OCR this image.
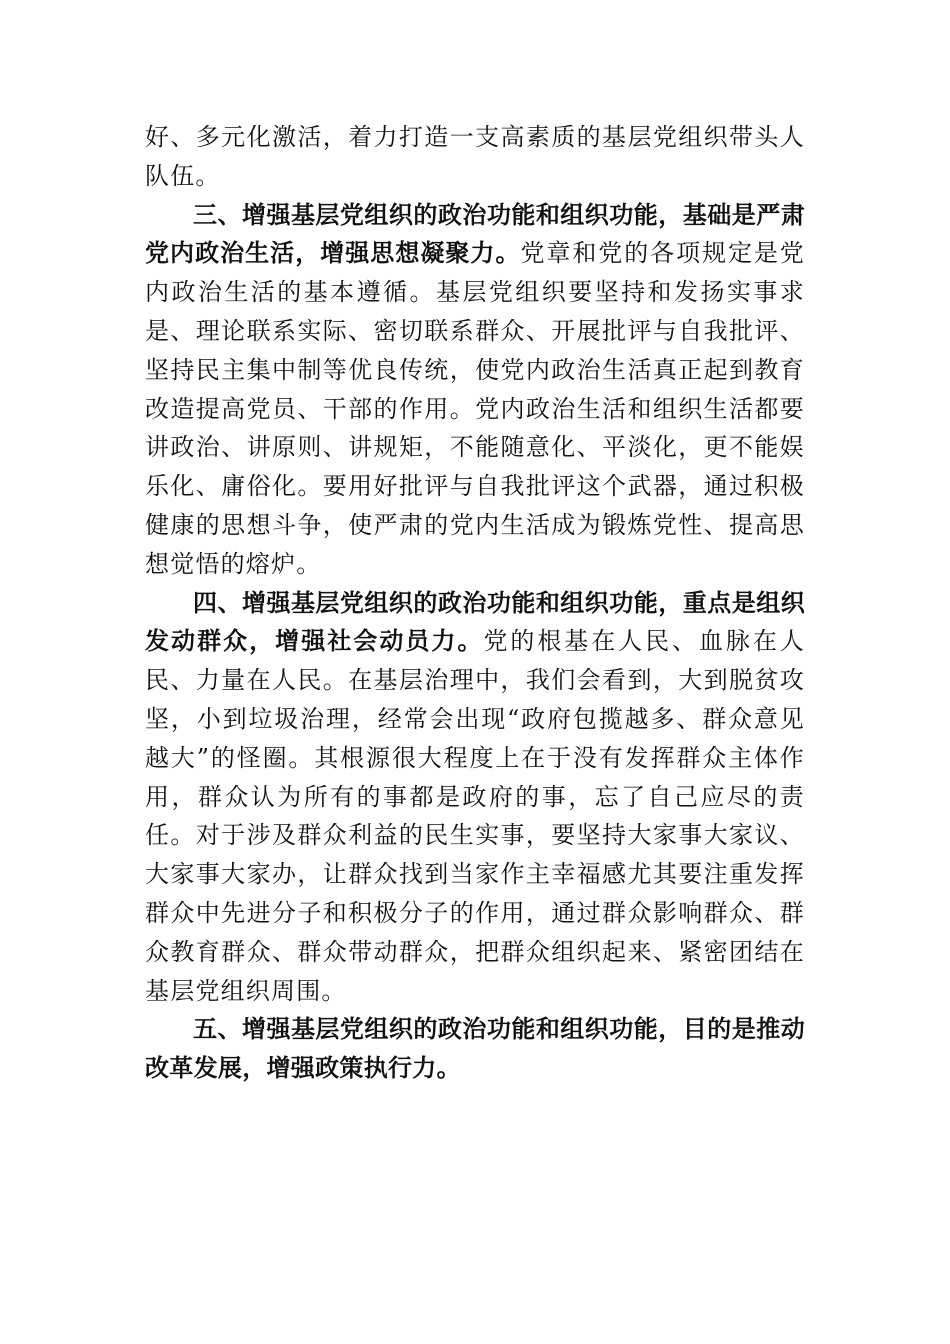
好、多元化激活，着力打造一支高素质的基层党组织带头人队伍。

三、增强基层党组织的政治功能和组织功能，基础是严肃党内政治生活，增强思想凝聚力。党章和党的各项规定是党内政治生活的基本遵循。基层党组织要坚持和发扬实事求是、理论联系实际、密切联系群众、开展批评与自我批评、坚持民主集中制等优良传统，使党内政治生活真正起到教育改造提高党员、干部的作用。党内政治生活和组织生活都要讲政治、讲原则、讲规矩，不能随意化、平淡化，更不能娱乐化、庸俗化。要用好批评与自我批评这个武器，通过积极健康的思想斗争，使严肃的党内生活成为锻炼党性、提高思想觉悟的熔炉。

四、增强基层党组织的政治功能和组织功能，重点是组织发动群众，增强社会动员力。党的根基在人民、血脉在人民、力量在人民。在基层治理中，我们会看到，大到脱贫攻坚，小到垃圾治理，经常会出现“政府包揽越多、群众意见越大”的怪圈。其根源很大程度上在于没有发挥群众主体作用，群众认为所有的事都是政府的事，忘了自己应尽的责任。对于涉及群众利益的民生实事，要坚持大家事大家议、大家事大家办，让群众找到当家作主幸福感尤其要注重发挥群众中先进分子和积极分子的作用，通过群众影响群众、群众教育群众、群众带动群众，把群众组织起来、紧密团结在基层党组织周围。

五、增强基层党组织的政治功能和组织功能，目的是推动改革发展，增强政策执行力。
